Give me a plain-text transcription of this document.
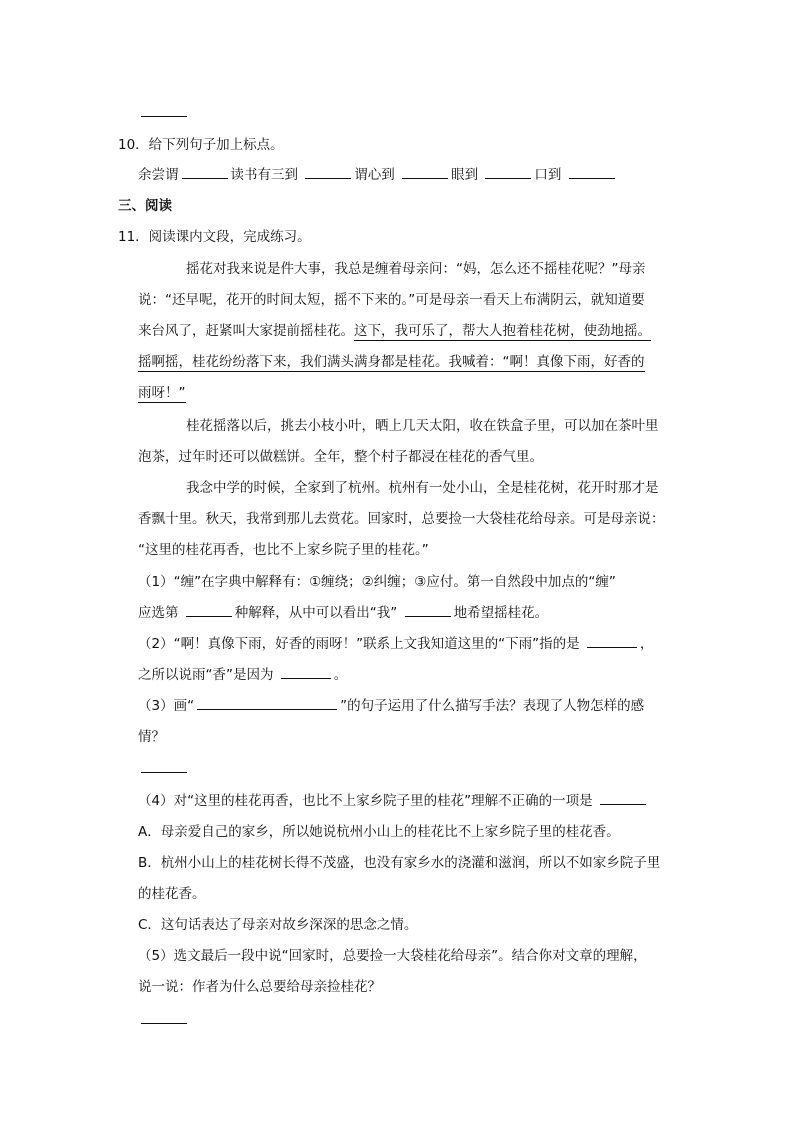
10．给下列句子加上标点。
余尝谓	读书有三到	谓心到	眼到	口到
三、阅读
11．阅读课内文段，完成练习。
摇花对我来说是件大事，我总是缠着母亲问：“妈，怎么还不摇桂花呢？”母亲
说：“还早呢，花开的时间太短，摇不下来的。”可是母亲一看天上布满阴云，就知道要
来台风了，赶紧叫大家提前摇桂花。这下，我可乐了，帮大人抱着桂花树，使劲地摇。
摇啊摇，桂花纷纷落下来，我们满头满身都是桂花。我喊着：“啊！真像下雨，好香的
雨呀！”
桂花摇落以后，挑去小枝小叶，晒上几天太阳，收在铁盒子里，可以加在茶叶里
泡茶，过年时还可以做糕饼。全年，整个村子都浸在桂花的香气里。
我念中学的时候，全家到了杭州。杭州有一处小山，全是桂花树，花开时那才是
香飘十里。秋天，我常到那儿去赏花。回家时，总要捡一大袋桂花给母亲。可是母亲说：
“这里的桂花再香，也比不上家乡院子里的桂花。”
（1）“缠”在字典中解释有：①缠绕；②纠缠；③应付。第一自然段中加点的“缠”
应选第	种解释，从中可以看出“我”	地希望摇桂花。
（2）“啊！真像下雨，好香的雨呀！”联系上文我知道这里的“下雨”指的是	，
之所以说雨“香”是因为	。
（3）画“	”的句子运用了什么描写手法？表现了人物怎样的感
情？
（4）对“这里的桂花再香，也比不上家乡院子里的桂花”理解不正确的一项是
A．母亲爱自己的家乡，所以她说杭州小山上的桂花比不上家乡院子里的桂花香。
B．杭州小山上的桂花树长得不茂盛，也没有家乡水的浇灌和滋润，所以不如家乡院子里
的桂花香。
C．这句话表达了母亲对故乡深深的思念之情。
（5）选文最后一段中说“回家时，总要捡一大袋桂花给母亲”。结合你对文章的理解，
说一说：作者为什么总要给母亲捡桂花？
